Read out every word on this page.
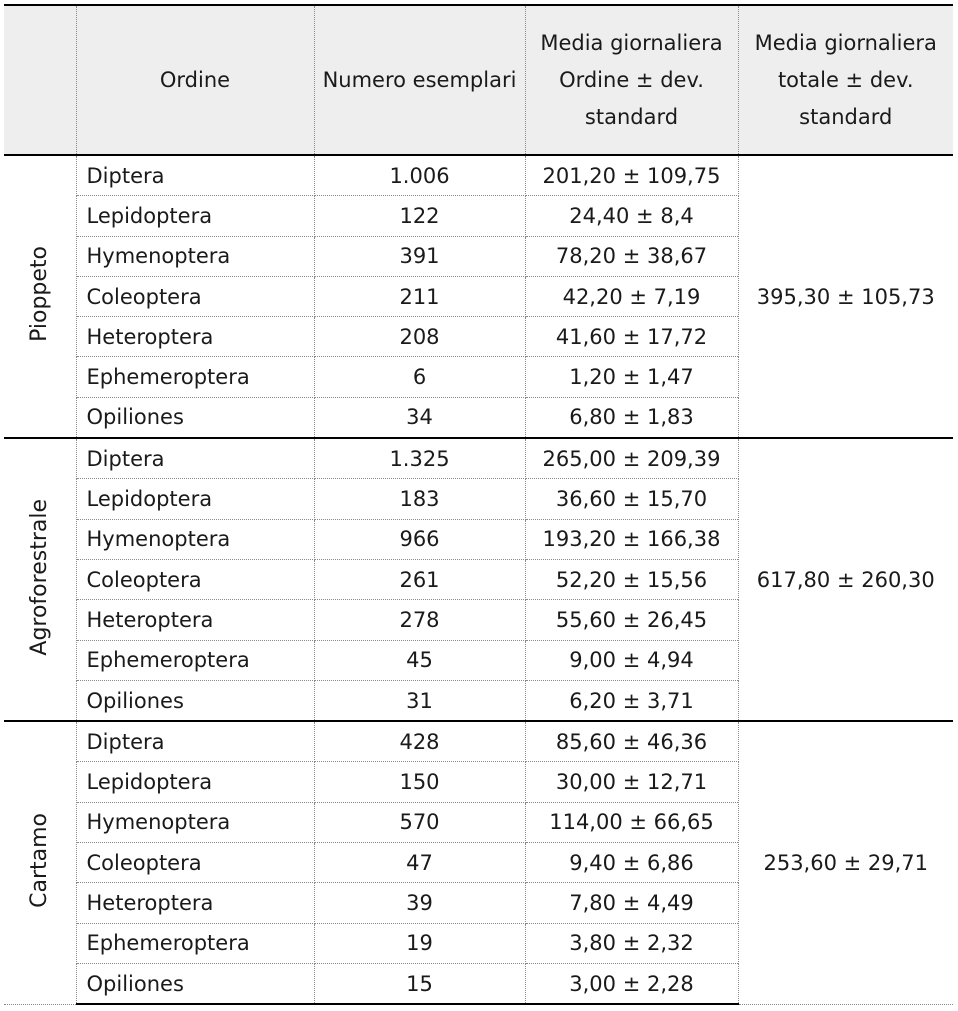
	Ordine	Numero esemplari	Media giornaliera Ordine ± dev. standard	Media giornaliera totale ± dev. standard
Pioppeto	Diptera	1.006	201,20 ± 109,75	395,30 ± 105,73
	Lepidoptera	122	24,40 ± 8,4	
	Hymenoptera	391	78,20 ± 38,67	
	Coleoptera	211	42,20 ± 7,19	
	Heteroptera	208	41,60 ± 17,72	
	Ephemeroptera	6	1,20 ± 1,47	
	Opiliones	34	6,80 ± 1,83	
Agroforestrale	Diptera	1.325	265,00 ± 209,39	617,80 ± 260,30
	Lepidoptera	183	36,60 ± 15,70	
	Hymenoptera	966	193,20 ± 166,38	
	Coleoptera	261	52,20 ± 15,56	
	Heteroptera	278	55,60 ± 26,45	
	Ephemeroptera	45	9,00 ± 4,94	
	Opiliones	31	6,20 ± 3,71	
Cartamo	Diptera	428	85,60 ± 46,36	253,60 ± 29,71
	Lepidoptera	150	30,00 ± 12,71	
	Hymenoptera	570	114,00 ± 66,65	
	Coleoptera	47	9,40 ± 6,86	
	Heteroptera	39	7,80 ± 4,49	
	Ephemeroptera	19	3,80 ± 2,32	
	Opiliones	15	3,00 ± 2,28	
